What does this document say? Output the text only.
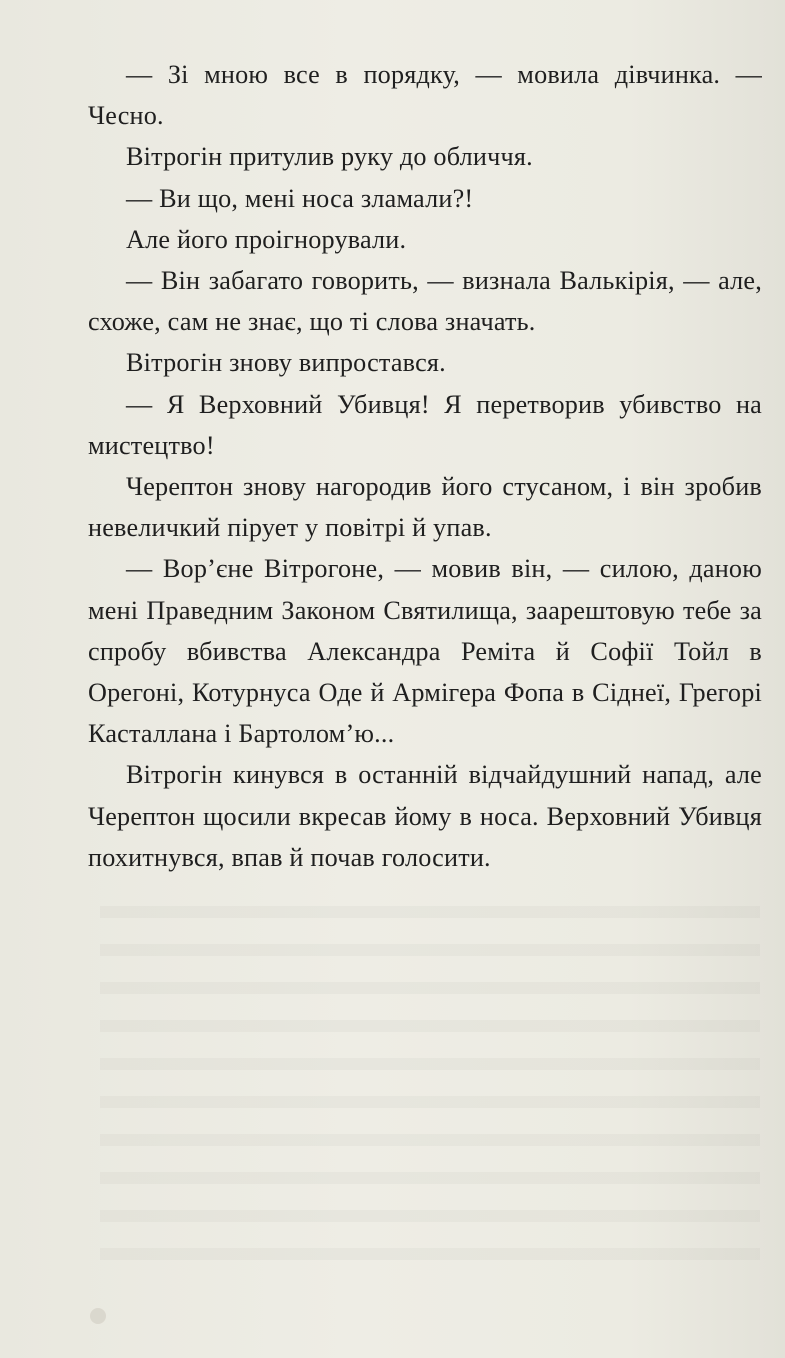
— Зі мною все в порядку, — мовила дівчинка. — Чесно.

Вітрогін притулив руку до обличчя.

— Ви що, мені носа зламали?!

Але його проігнорували.

— Він забагато говорить, — визнала Валькірія, — але, схоже, сам не знає, що ті слова значать.

Вітрогін знову випростався.

— Я Верховний Убивця! Я перетворив убивство на мистецтво!

Черептон знову нагородив його стусаном, і він зробив невеличкий пірует у повітрі й упав.

— Вор’єне Вітрогоне, — мовив він, — силою, даною мені Праведним Законом Святилища, заарештовую тебе за спробу вбивства Александра Реміта й Софії Тойл в Орегоні, Котурнуса Оде й Армігера Фопа в Сіднеї, Грегорі Касталлана і Бартолом’ю...

Вітрогін кинувся в останній відчайдушний напад, але Черептон щосили вкресав йому в носа. Верховний Убивця похитнувся, впав й почав голосити.
